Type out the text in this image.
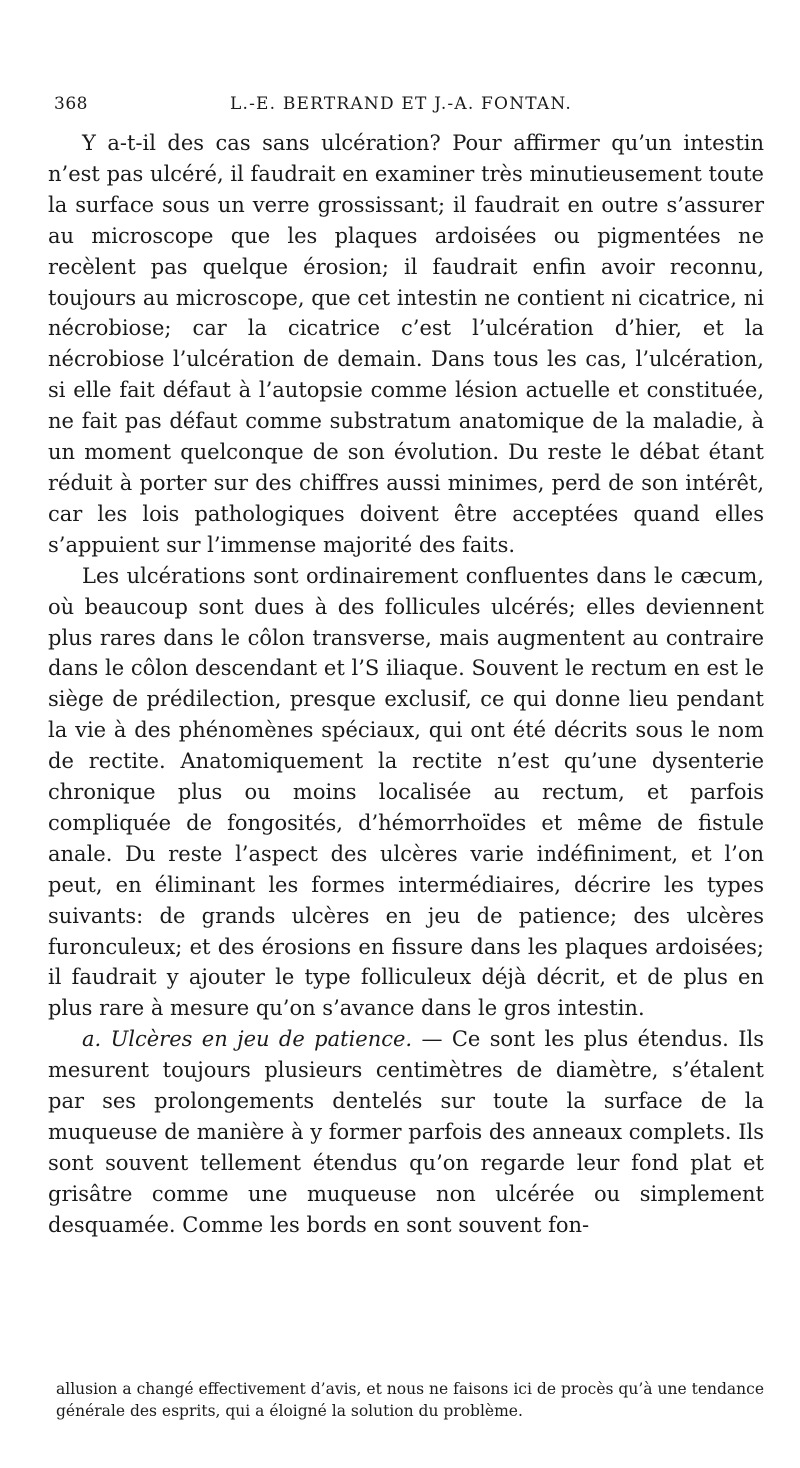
368	L.-E. BERTRAND ET J.-A. FONTAN.

Y a-t-il des cas sans ulcération? Pour affirmer qu’un intestin n’est pas ulcéré, il faudrait en examiner très minutieusement toute la surface sous un verre grossissant; il faudrait en outre s’assurer au microscope que les plaques ardoisées ou pigmentées ne recèlent pas quelque érosion; il faudrait enfin avoir reconnu, toujours au microscope, que cet intestin ne contient ni cicatrice, ni nécrobiose; car la cicatrice c’est l’ulcération d’hier, et la nécrobiose l’ulcération de demain. Dans tous les cas, l’ulcération, si elle fait défaut à l’autopsie comme lésion actuelle et constituée, ne fait pas défaut comme substratum anatomique de la maladie, à un moment quelconque de son évolution. Du reste le débat étant réduit à porter sur des chiffres aussi minimes, perd de son intérêt, car les lois pathologiques doivent être acceptées quand elles s’appuient sur l’immense majorité des faits.

Les ulcérations sont ordinairement confluentes dans le cæcum, où beaucoup sont dues à des follicules ulcérés; elles deviennent plus rares dans le côlon transverse, mais augmentent au contraire dans le côlon descendant et l’S iliaque. Souvent le rectum en est le siège de prédilection, presque exclusif, ce qui donne lieu pendant la vie à des phénomènes spéciaux, qui ont été décrits sous le nom de rectite. Anatomiquement la rectite n’est qu’une dysenterie chronique plus ou moins localisée au rectum, et parfois compliquée de fongosités, d’hémorrhoïdes et même de fistule anale. Du reste l’aspect des ulcères varie indéfiniment, et l’on peut, en éliminant les formes intermédiaires, décrire les types suivants: de grands ulcères en jeu de patience; des ulcères furonculeux; et des érosions en fissure dans les plaques ardoisées; il faudrait y ajouter le type folliculeux déjà décrit, et de plus en plus rare à mesure qu’on s’avance dans le gros intestin.

a. Ulcères en jeu de patience. — Ce sont les plus étendus. Ils mesurent toujours plusieurs centimètres de diamètre, s’étalent par ses prolongements dentelés sur toute la surface de la muqueuse de manière à y former parfois des anneaux complets. Ils sont souvent tellement étendus qu’on regarde leur fond plat et grisâtre comme une muqueuse non ulcérée ou simplement desquamée. Comme les bords en sont souvent fon-

allusion a changé effectivement d’avis, et nous ne faisons ici de procès qu’à une tendance générale des esprits, qui a éloigné la solution du problème.
